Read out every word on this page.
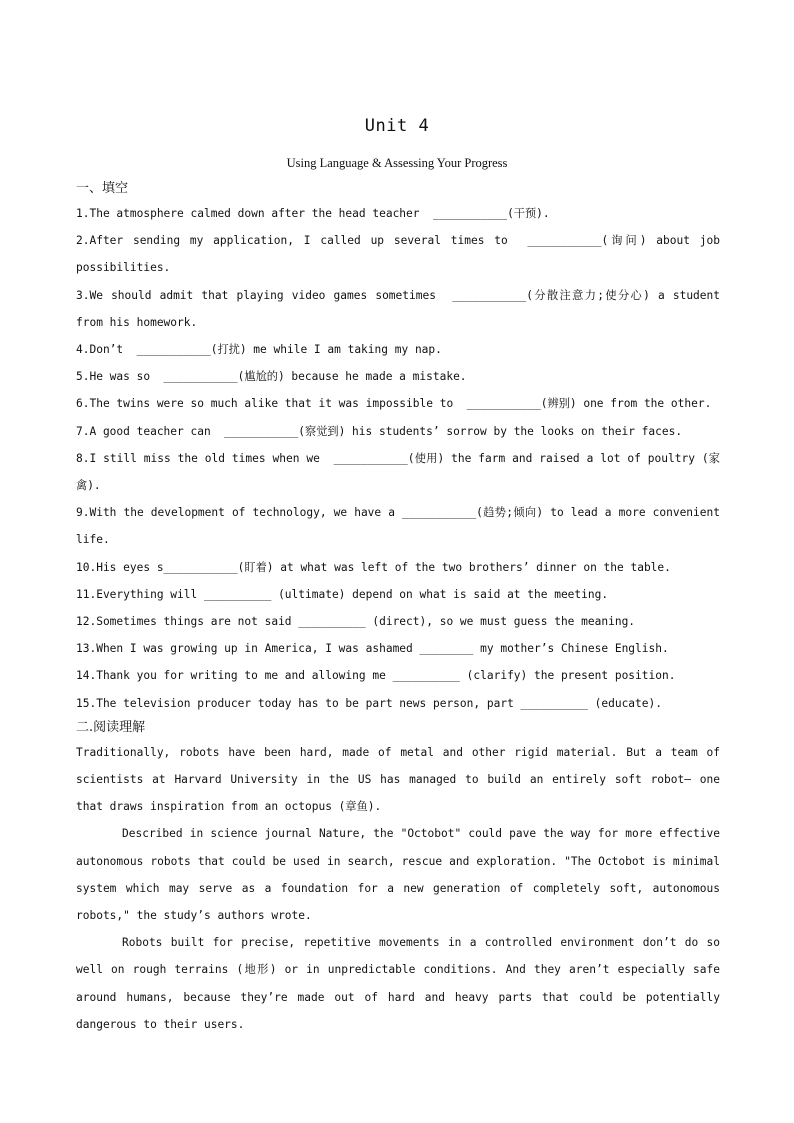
Unit 4
Using Language & Assessing Your Progress
一、填空

1.The atmosphere calmed down after the head teacher  ___________(干预).

2.After sending my application, I called up several times to  ___________(询问) about job possibilities.

3.We should admit that playing video games sometimes  ___________(分散注意力;使分心) a student from his homework.

4.Don’t  ___________(打扰) me while I am taking my nap.

5.He was so  ___________(尴尬的) because he made a mistake.

6.The twins were so much alike that it was impossible to  ___________(辨别) one from the other.

7.A good teacher can  ___________(察觉到) his students’ sorrow by the looks on their faces.

8.I still miss the old times when we  ___________(使用) the farm and raised a lot of poultry (家禽).

9.With the development of technology, we have a ___________(趋势;倾向) to lead a more convenient life.

10.His eyes s___________(盯着) at what was left of the two brothers’ dinner on the table.

11.Everything will __________ (ultimate) depend on what is said at the meeting.

12.Sometimes things are not said __________ (direct), so we must guess the meaning.

13.When I was growing up in America, I was ashamed ________ my mother’s Chinese English.

14.Thank you for writing to me and allowing me __________ (clarify) the present position.

15.The television producer today has to be part news person, part __________ (educate).

二.阅读理解

Traditionally, robots have been hard, made of metal and other rigid material. But a team of scientists at Harvard University in the US has managed to build an entirely soft robot— one that draws inspiration from an octopus (章鱼).

Described in science journal Nature, the "Octobot" could pave the way for more effective autonomous robots that could be used in search, rescue and exploration. "The Octobot is minimal system which may serve as a foundation for a new generation of completely soft, autonomous robots," the study’s authors wrote.

Robots built for precise, repetitive movements in a controlled environment don’t do so well on rough terrains (地形) or in unpredictable conditions. And they aren’t especially safe around humans, because they’re made out of hard and heavy parts that could be potentially dangerous to their users.
